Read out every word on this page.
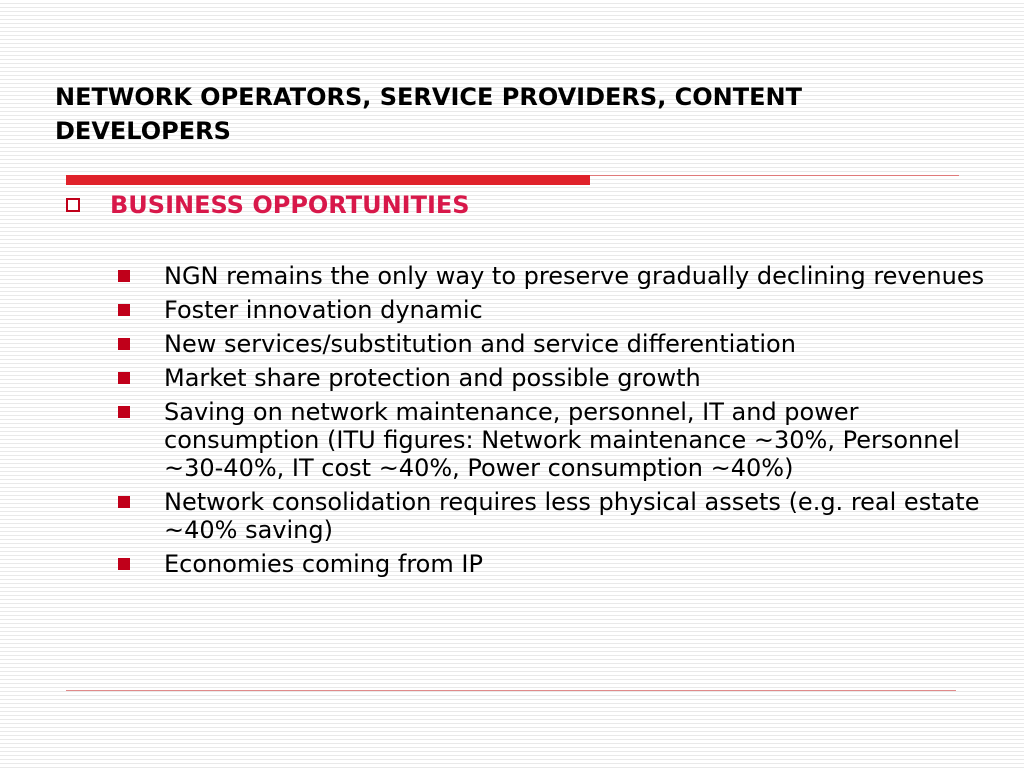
NETWORK OPERATORS, SERVICE PROVIDERS, CONTENT DEVELOPERS
BUSINESS OPPORTUNITIES
NGN remains the only way to preserve gradually declining revenues
Foster innovation dynamic
New services/substitution and service differentiation
Market share protection and possible growth
Saving on network maintenance, personnel, IT and power consumption (ITU figures: Network maintenance ~30%, Personnel ~30-40%, IT cost ~40%, Power consumption ~40%)
Network consolidation requires less physical assets (e.g. real estate ~40% saving)
Economies coming from IP
